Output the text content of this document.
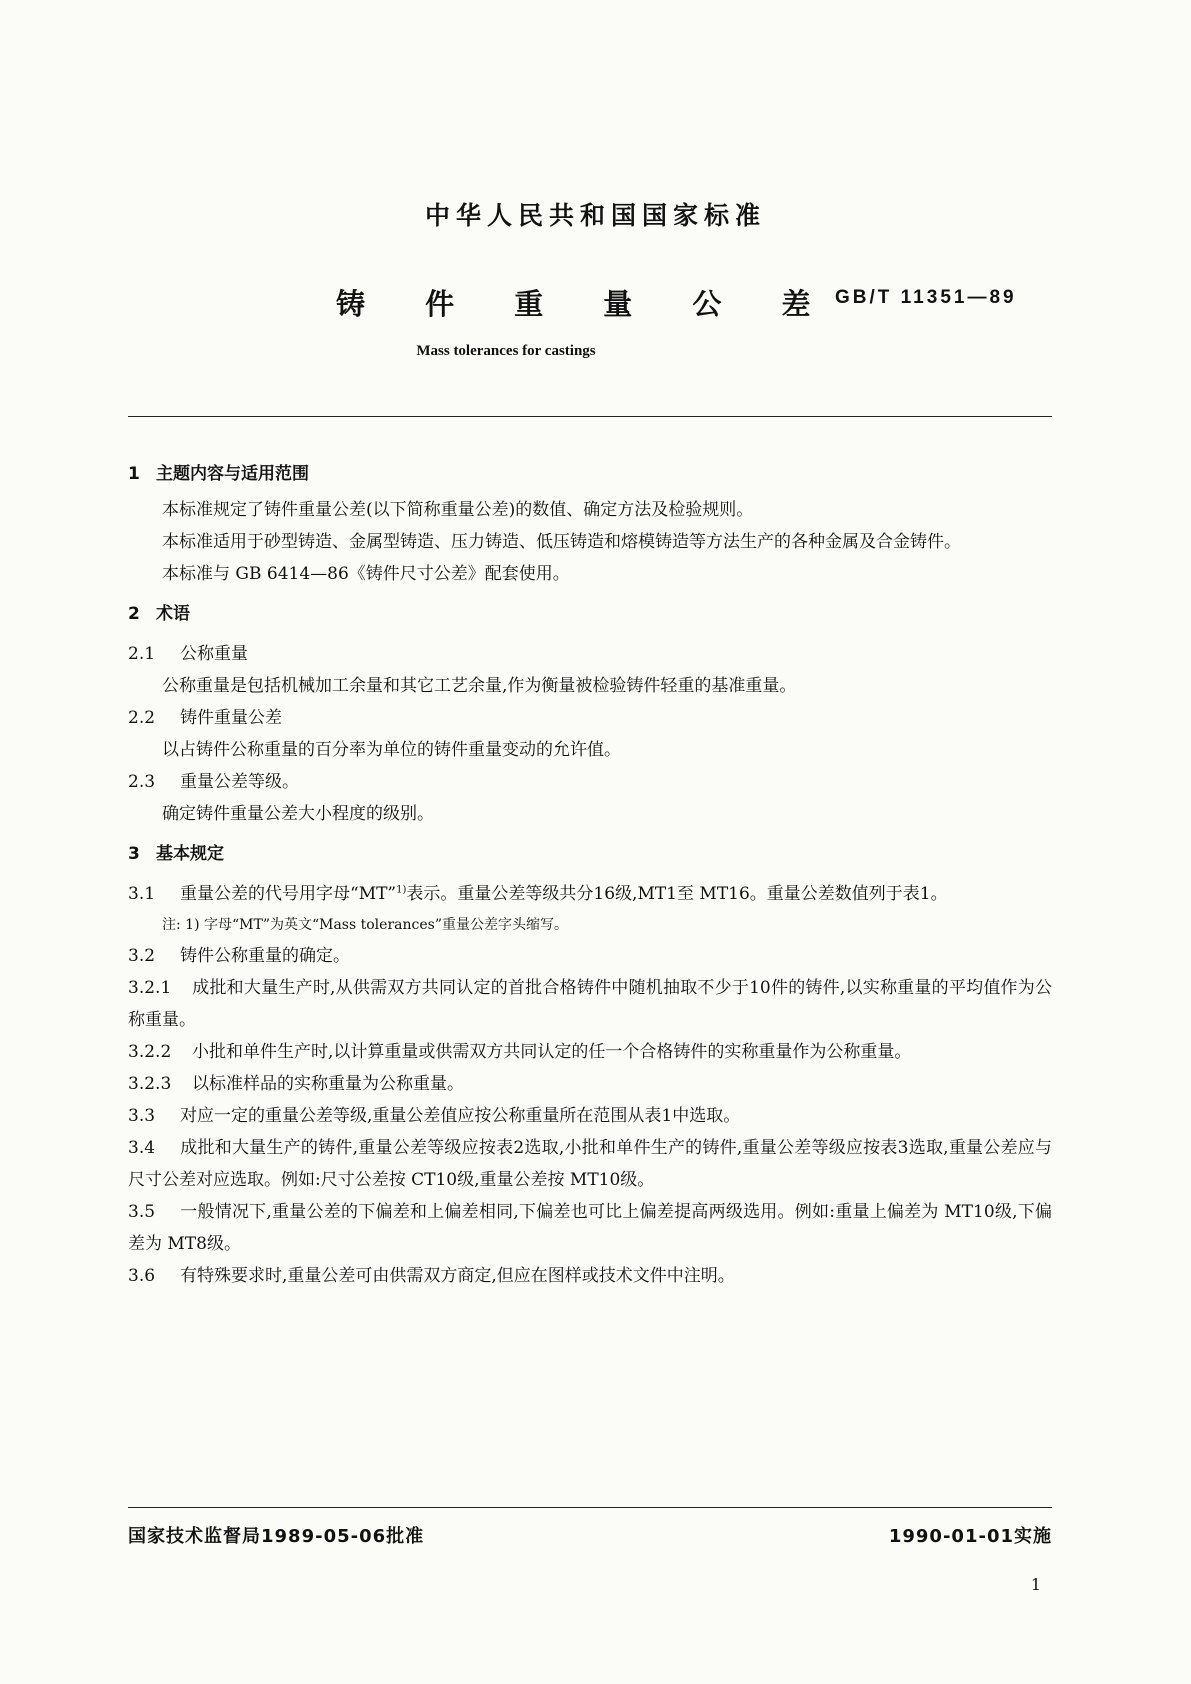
中华人民共和国国家标准
铸 件 重 量 公 差 GB/T 11351—89
Mass tolerances for castings

1 主题内容与适用范围

本标准规定了铸件重量公差(以下简称重量公差)的数值、确定方法及检验规则。

本标准适用于砂型铸造、金属型铸造、压力铸造、低压铸造和熔模铸造等方法生产的各种金属及合金铸件。

本标准与 GB 6414—86《铸件尺寸公差》配套使用。

2 术语

2.1 公称重量

公称重量是包括机械加工余量和其它工艺余量,作为衡量被检验铸件轻重的基准重量。

2.2 铸件重量公差

以占铸件公称重量的百分率为单位的铸件重量变动的允许值。

2.3 重量公差等级。

确定铸件重量公差大小程度的级别。

3 基本规定

3.1 重量公差的代号用字母“MT”$^{1)}$表示。重量公差等级共分16级,MT1至 MT16。重量公差数值列于表1。

注: 1) 字母“MT”为英文“Mass tolerances”重量公差字头缩写。

3.2 铸件公称重量的确定。

3.2.1 成批和大量生产时,从供需双方共同认定的首批合格铸件中随机抽取不少于10件的铸件,以实称重量的平均值作为公称重量。

3.2.2 小批和单件生产时,以计算重量或供需双方共同认定的任一个合格铸件的实称重量作为公称重量。

3.2.3 以标准样品的实称重量为公称重量。

3.3 对应一定的重量公差等级,重量公差值应按公称重量所在范围从表1中选取。

3.4 成批和大量生产的铸件,重量公差等级应按表2选取,小批和单件生产的铸件,重量公差等级应按表3选取,重量公差应与尺寸公差对应选取。例如:尺寸公差按 CT10级,重量公差按 MT10级。

3.5 一般情况下,重量公差的下偏差和上偏差相同,下偏差也可比上偏差提高两级选用。例如:重量上偏差为 MT10级,下偏差为 MT8级。

3.6 有特殊要求时,重量公差可由供需双方商定,但应在图样或技术文件中注明。

国家技术监督局1989-05-06批准	1990-01-01实施
1
